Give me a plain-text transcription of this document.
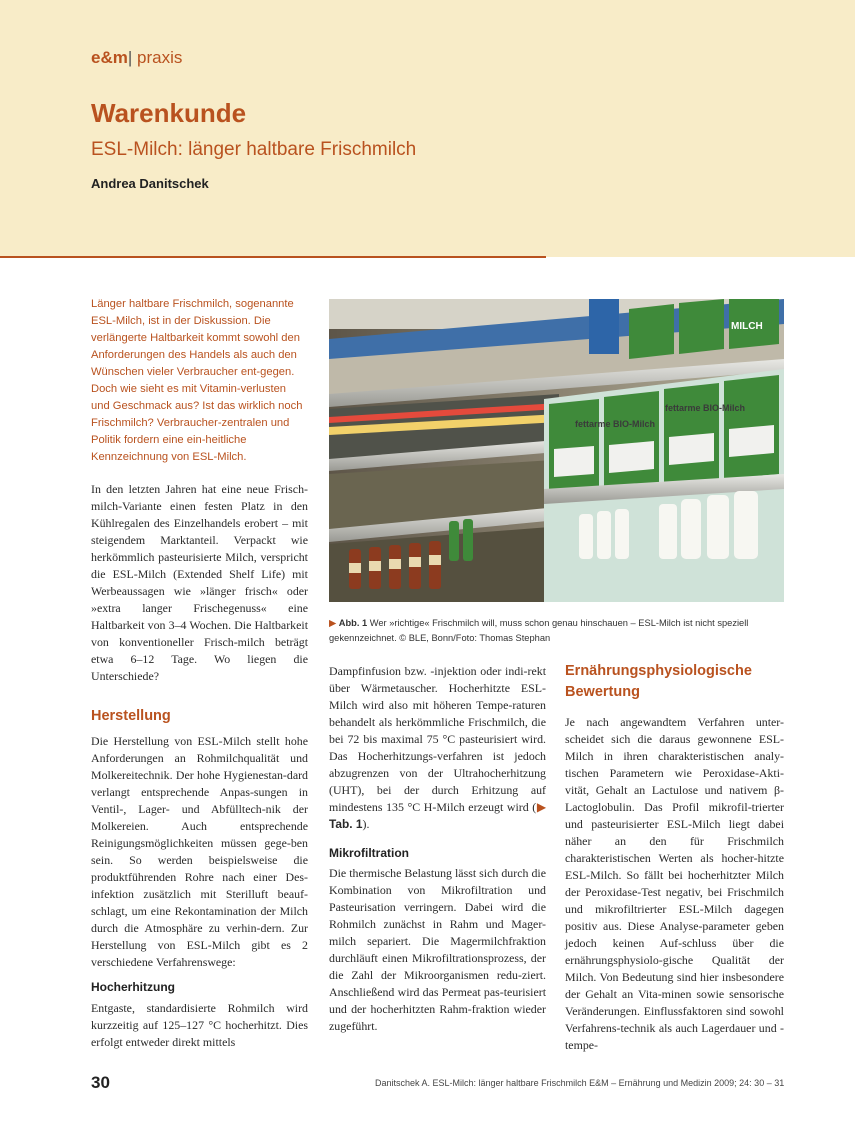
e&m| praxis
Warenkunde
ESL-Milch: länger haltbare Frischmilch
Andrea Danitschek

Länger haltbare Frischmilch, sogenannte ESL-Milch, ist in der Diskussion. Die verlängerte Haltbarkeit kommt sowohl den Anforderungen des Handels als auch den Wünschen vieler Verbraucher ent-gegen. Doch wie sieht es mit Vitamin-verlusten und Geschmack aus? Ist das wirklich noch Frischmilch? Verbraucher-zentralen und Politik fordern eine ein-heitliche Kennzeichnung von ESL-Milch.

In den letzten Jahren hat eine neue Frisch-milch-Variante einen festen Platz in den Kühlregalen des Einzelhandels erobert – mit steigendem Marktanteil. Verpackt wie herkömmlich pasteurisierte Milch, verspricht die ESL-Milch (Extended Shelf Life) mit Werbeaussagen wie »länger frisch« oder »extra langer Frischegenuss« eine Haltbarkeit von 3–4 Wochen. Die Haltbarkeit von konventioneller Frisch-milch beträgt etwa 6–12 Tage. Wo liegen die Unterschiede?

Herstellung

Die Herstellung von ESL-Milch stellt hohe Anforderungen an Rohmilchqualität und Molkereitechnik. Der hohe Hygienestan-dard verlangt entsprechende Anpas-sungen in Ventil-, Lager- und Abfülltech-nik der Molkereien. Auch entsprechende Reinigungsmöglichkeiten müssen gege-ben sein. So werden beispielsweise die produktführenden Rohre nach einer Des-infektion zusätzlich mit Sterilluft beauf-schlagt, um eine Rekontamination der Milch durch die Atmosphäre zu verhin-dern. Zur Herstellung von ESL-Milch gibt es 2 verschiedene Verfahrenswege:

Hocherhitzung

Entgaste, standardisierte Rohmilch wird kurzzeitig auf 125–127 °C hocherhitzt. Dies erfolgt entweder direkt mittels

fettarme BIO-Milch
fettarme BIO-Milch
MILCH
▶ Abb. 1 Wer »richtige« Frischmilch will, muss schon genau hinschauen – ESL-Milch ist nicht speziell gekennzeichnet. © BLE, Bonn/Foto: Thomas Stephan

Dampfinfusion bzw. -injektion oder indi-rekt über Wärmetauscher. Hocherhitzte ESL-Milch wird also mit höheren Tempe-raturen behandelt als herkömmliche Frischmilch, die bei 72 bis maximal 75 °C pasteurisiert wird. Das Hocherhitzungs-verfahren ist jedoch abzugrenzen von der Ultrahocherhitzung (UHT), bei der durch Erhitzung auf mindestens 135 °C H-Milch erzeugt wird (▶ Tab. 1).

Mikrofiltration

Die thermische Belastung lässt sich durch die Kombination von Mikrofiltration und Pasteurisation verringern. Dabei wird die Rohmilch zunächst in Rahm und Mager-milch separiert. Die Magermilchfraktion durchläuft einen Mikrofiltrationsprozess, der die Zahl der Mikroorganismen redu-ziert. Anschließend wird das Permeat pas-teurisiert und der hocherhitzten Rahm-fraktion wieder zugeführt.

Ernährungsphysiologische Bewertung

Je nach angewandtem Verfahren unter-scheidet sich die daraus gewonnene ESL-Milch in ihren charakteristischen analy-tischen Parametern wie Peroxidase-Akti-vität, Gehalt an Lactulose und nativem β-Lactoglobulin. Das Profil mikrofil-trierter und pasteurisierter ESL-Milch liegt dabei näher an den für Frischmilch charakteristischen Werten als hocher-hitzte ESL-Milch. So fällt bei hocherhitzter Milch der Peroxidase-Test negativ, bei Frischmilch und mikrofiltrierter ESL-Milch dagegen positiv aus. Diese Analyse-parameter geben jedoch keinen Auf-schluss über die ernährungsphysiolo-gische Qualität der Milch. Von Bedeutung sind hier insbesondere der Gehalt an Vita-minen sowie sensorische Veränderungen. Einflussfaktoren sind sowohl Verfahrens-technik als auch Lagerdauer und -tempe-

30	Danitschek A. ESL-Milch: länger haltbare Frischmilch E&M – Ernährung und Medizin 2009; 24: 30 – 31
